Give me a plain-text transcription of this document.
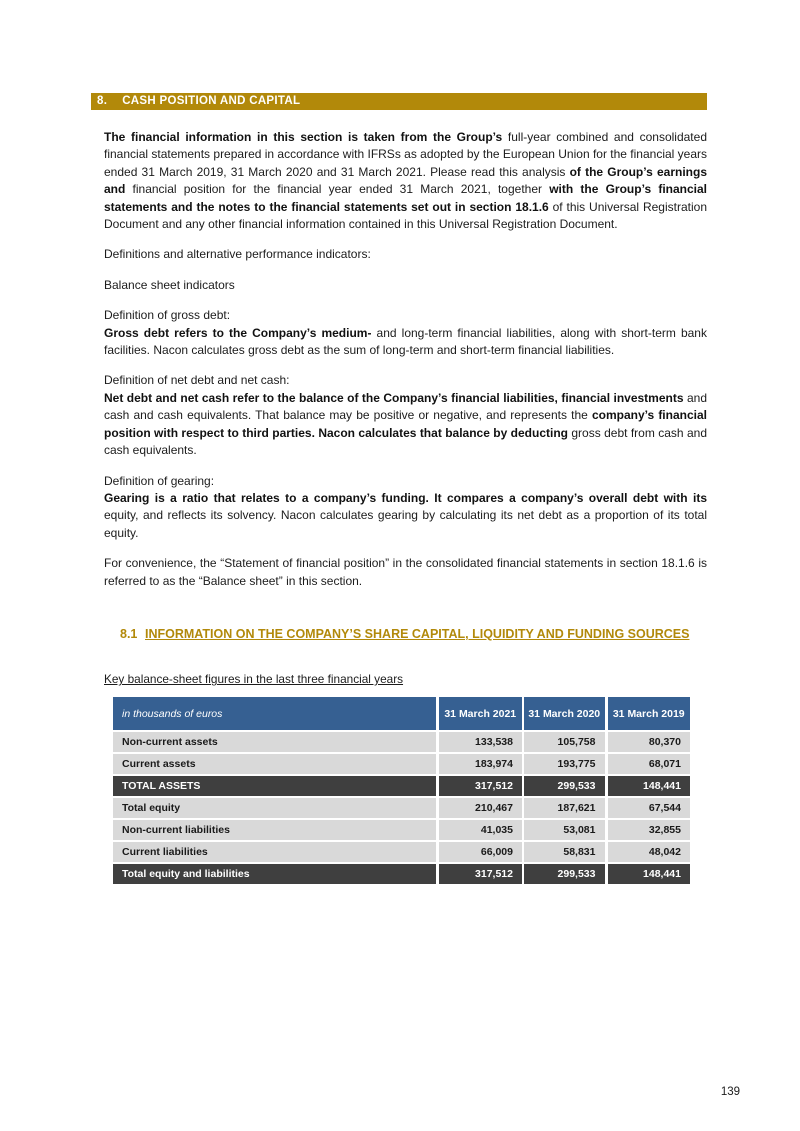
8. CASH POSITION AND CAPITAL
The financial information in this section is taken from the Group’s full-year combined and consolidated financial statements prepared in accordance with IFRSs as adopted by the European Union for the financial years ended 31 March 2019, 31 March 2020 and 31 March 2021. Please read this analysis of the Group’s earnings and financial position for the financial year ended 31 March 2021, together with the Group’s financial statements and the notes to the financial statements set out in section 18.1.6 of this Universal Registration Document and any other financial information contained in this Universal Registration Document.
Definitions and alternative performance indicators:
Balance sheet indicators
Definition of gross debt:
Gross debt refers to the Company’s medium- and long-term financial liabilities, along with short-term bank facilities. Nacon calculates gross debt as the sum of long-term and short-term financial liabilities.
Definition of net debt and net cash:
Net debt and net cash refer to the balance of the Company’s financial liabilities, financial investments and cash and cash equivalents. That balance may be positive or negative, and represents the company’s financial position with respect to third parties. Nacon calculates that balance by deducting gross debt from cash and cash equivalents.
Definition of gearing:
Gearing is a ratio that relates to a company’s funding. It compares a company’s overall debt with its equity, and reflects its solvency. Nacon calculates gearing by calculating its net debt as a proportion of its total equity.
For convenience, the “Statement of financial position” in the consolidated financial statements in section 18.1.6 is referred to as the “Balance sheet” in this section.
8.1 INFORMATION ON THE COMPANY’S SHARE CAPITAL, LIQUIDITY AND FUNDING SOURCES
Key balance-sheet figures in the last three financial years
in thousands of euros	31 March 2021	31 March 2020	31 March 2019
Non-current assets	133,538	105,758	80,370
Current assets	183,974	193,775	68,071
TOTAL ASSETS	317,512	299,533	148,441
Total equity	210,467	187,621	67,544
Non-current liabilities	41,035	53,081	32,855
Current liabilities	66,009	58,831	48,042
Total equity and liabilities	317,512	299,533	148,441
139
